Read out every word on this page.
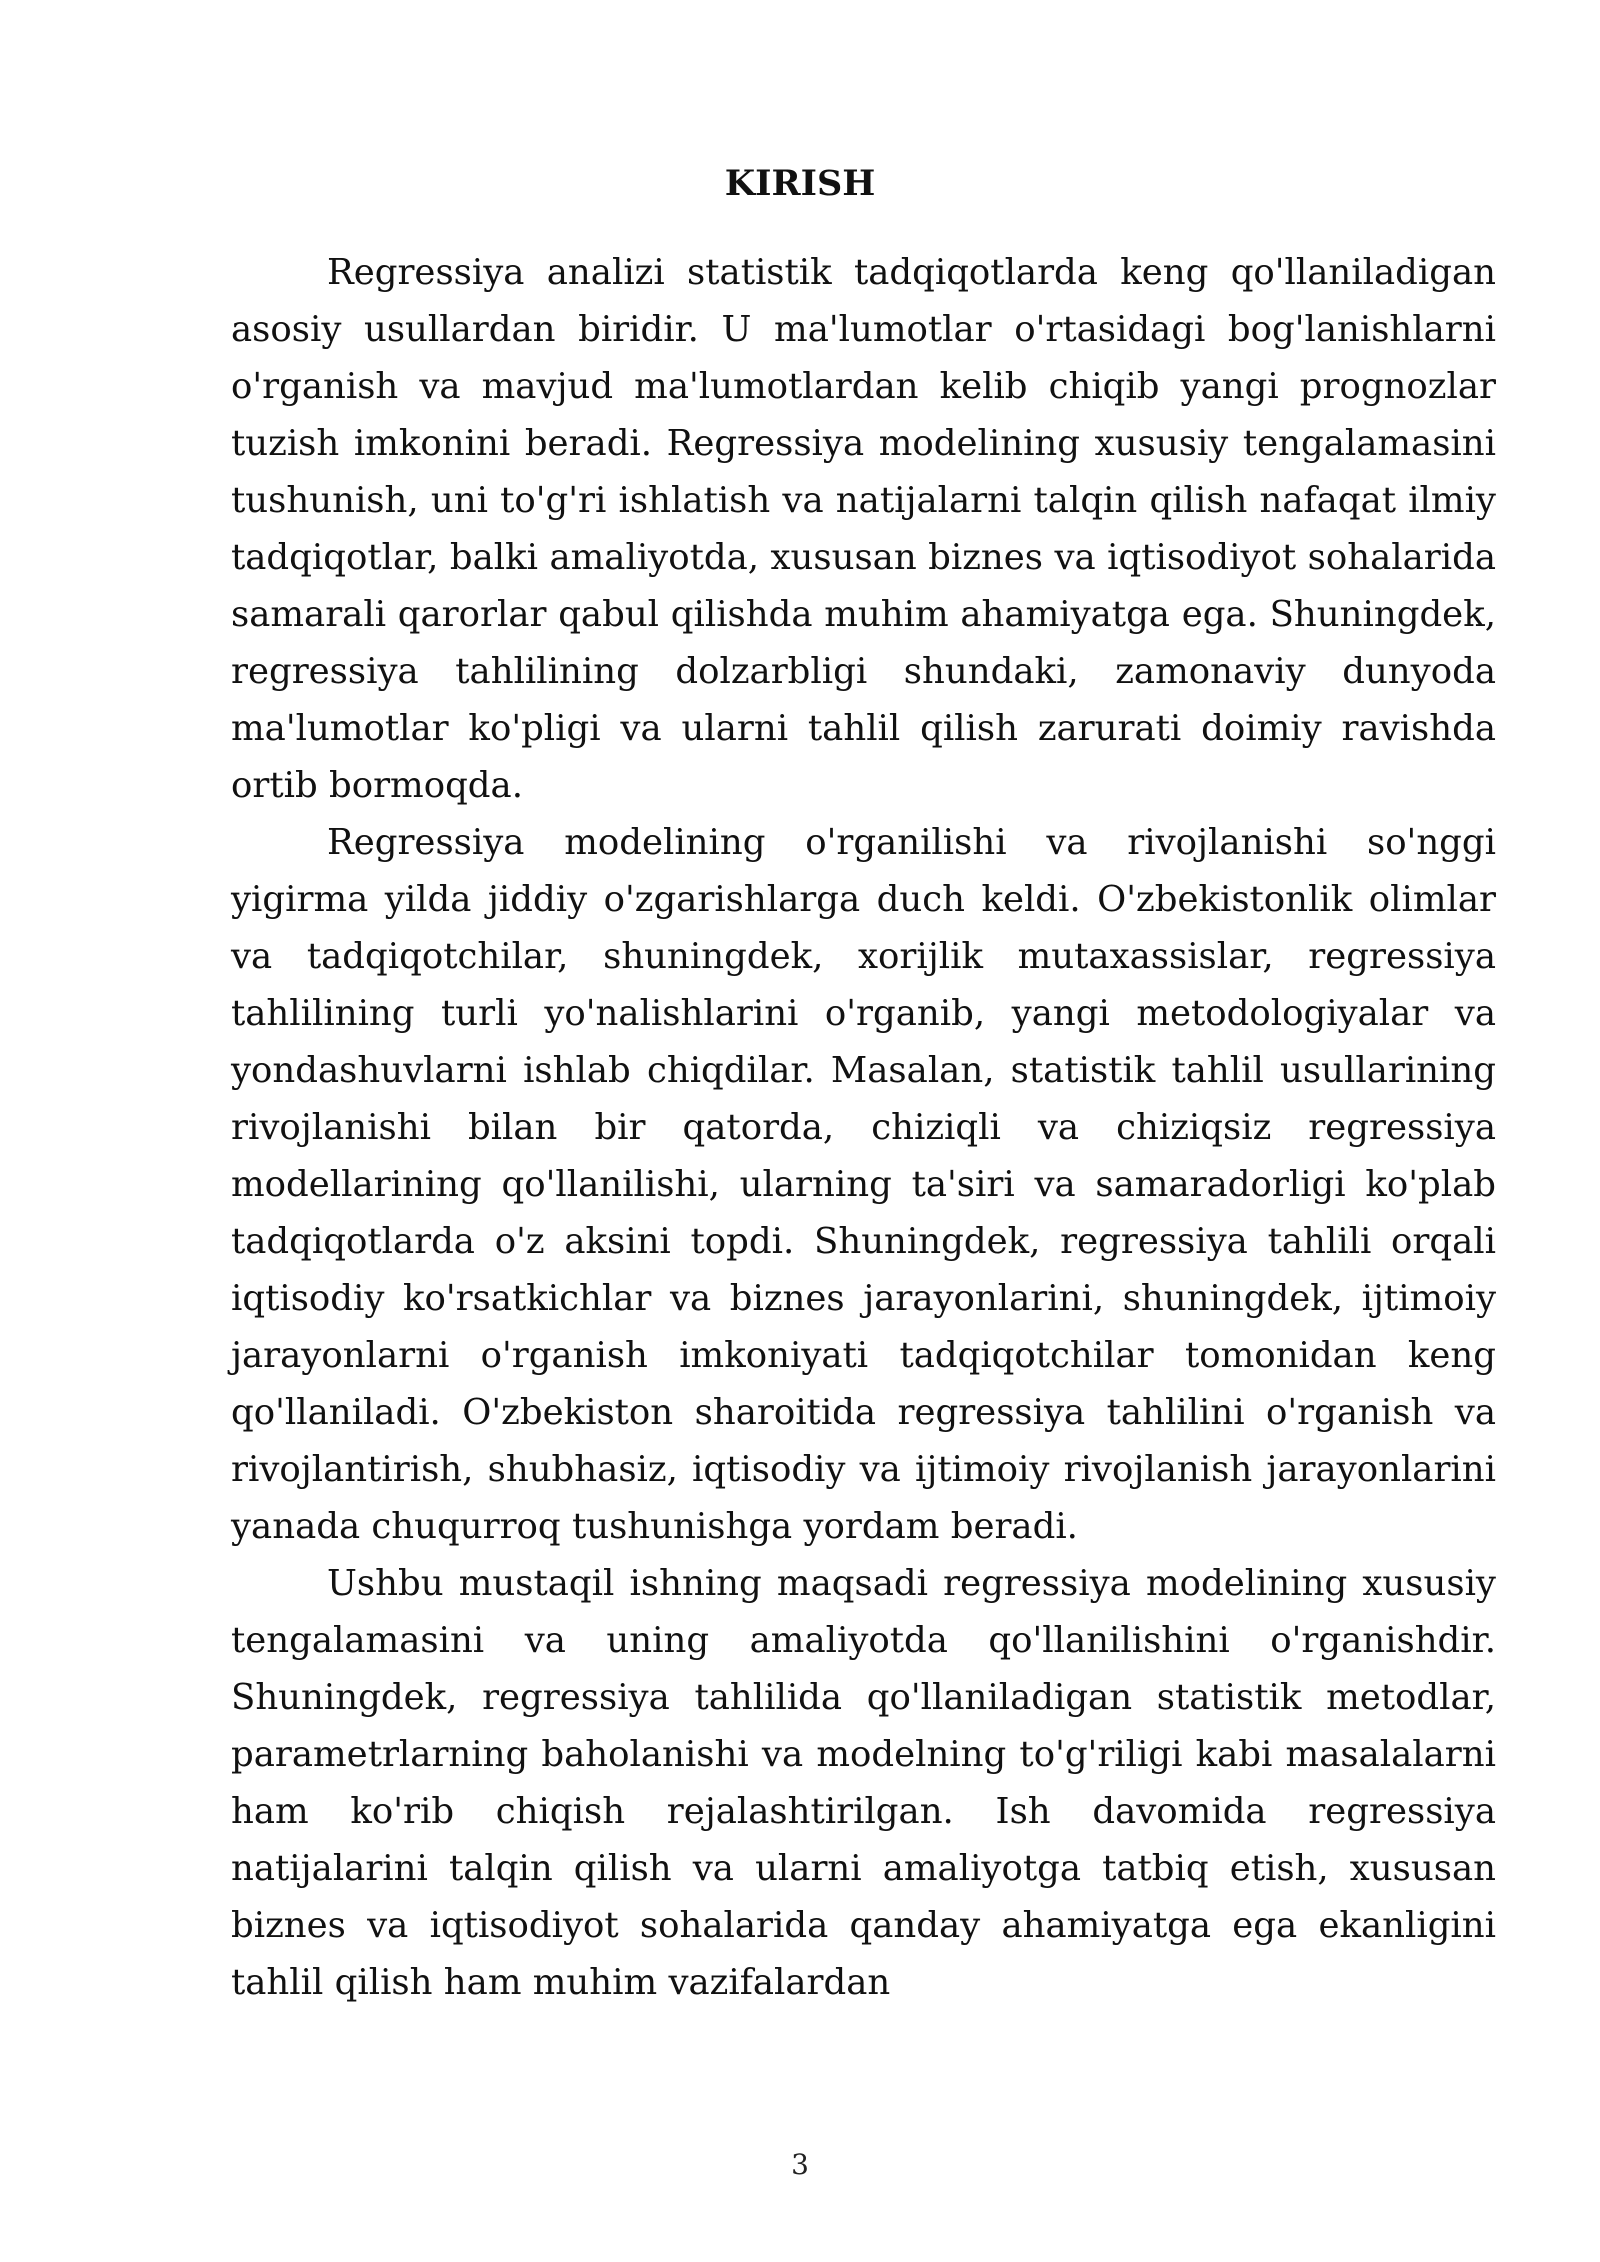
KIRISH

Regressiya analizi statistik tadqiqotlarda keng qo'llaniladigan asosiy usullardan biridir. U ma'lumotlar o'rtasidagi bog'lanishlarni o'rganish va mavjud ma'lumotlardan kelib chiqib yangi prognozlar tuzish imkonini beradi. Regressiya modelining xususiy tengalamasini tushunish, uni to'g'ri ishlatish va natijalarni talqin qilish nafaqat ilmiy tadqiqotlar, balki amaliyotda, xususan biznes va iqtisodiyot sohalarida samarali qarorlar qabul qilishda muhim ahamiyatga ega. Shuningdek, regressiya tahlilining dolzarbligi shundaki, zamonaviy dunyoda ma'lumotlar ko'pligi va ularni tahlil qilish zarurati doimiy ravishda ortib bormoqda.

Regressiya modelining o'rganilishi va rivojlanishi so'nggi yigirma yilda jiddiy o'zgarishlarga duch keldi. O'zbekistonlik olimlar va tadqiqotchilar, shuningdek, xorijlik mutaxassislar, regressiya tahlilining turli yo'nalishlarini o'rganib, yangi metodologiyalar va yondashuvlarni ishlab chiqdilar. Masalan, statistik tahlil usullarining rivojlanishi bilan bir qatorda, chiziqli va chiziqsiz regressiya modellarining qo'llanilishi, ularning ta'siri va samaradorligi ko'plab tadqiqotlarda o'z aksini topdi. Shuningdek, regressiya tahlili orqali iqtisodiy ko'rsatkichlar va biznes jarayonlarini, shuningdek, ijtimoiy jarayonlarni o'rganish imkoniyati tadqiqotchilar tomonidan keng qo'llaniladi. O'zbekiston sharoitida regressiya tahlilini o'rganish va rivojlantirish, shubhasiz, iqtisodiy va ijtimoiy rivojlanish jarayonlarini yanada chuqurroq tushunishga yordam beradi.

Ushbu mustaqil ishning maqsadi regressiya modelining xususiy tengalamasini va uning amaliyotda qo'llanilishini o'rganishdir. Shuningdek, regressiya tahlilida qo'llaniladigan statistik metodlar, parametrlarning baholanishi va modelning to'g'riligi kabi masalalarni ham ko'rib chiqish rejalashtirilgan. Ish davomida regressiya natijalarini talqin qilish va ularni amaliyotga tatbiq etish, xususan biznes va iqtisodiyot sohalarida qanday ahamiyatga ega ekanligini tahlil qilish ham muhim vazifalardan

3
